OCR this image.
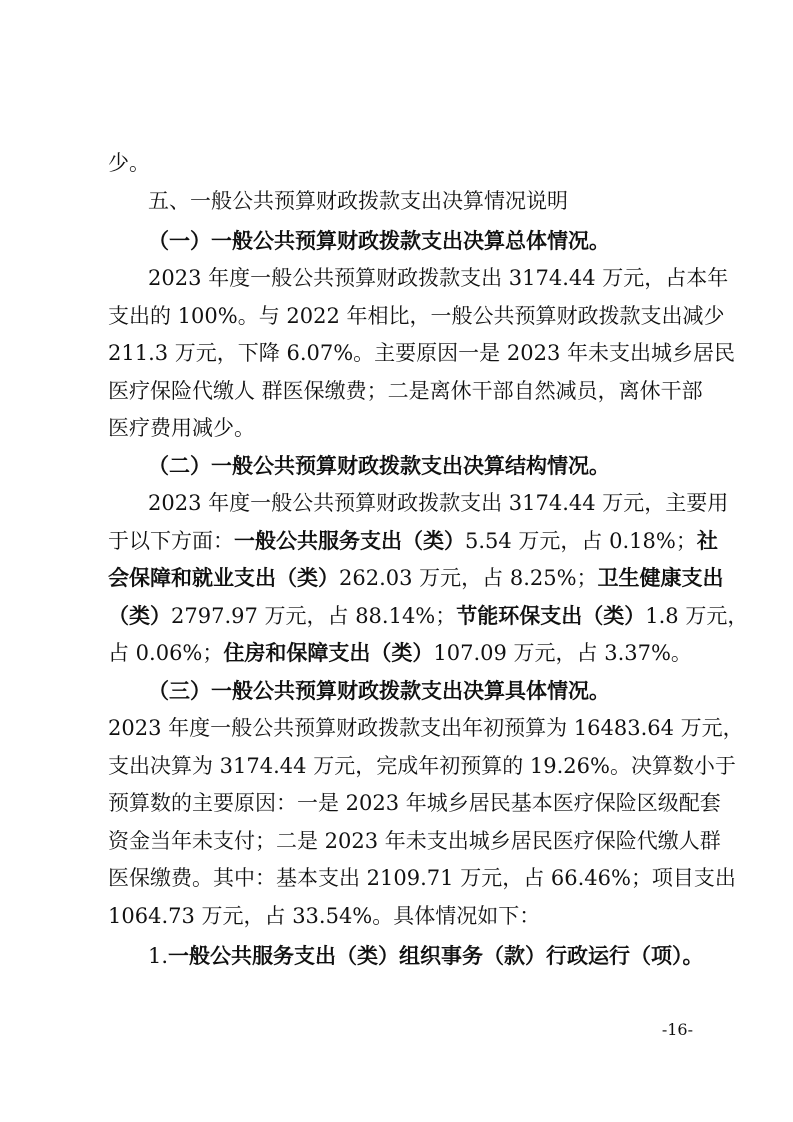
少。
五、一般公共预算财政拨款支出决算情况说明
（一）一般公共预算财政拨款支出决算总体情况。
2023 年度一般公共预算财政拨款支出 3174.44 万元，占本年
支出的 100%。与 2022 年相比，一般公共预算财政拨款支出减少
211.3 万元，下降 6.07%。主要原因一是 2023 年未支出城乡居民
医疗保险代缴人 群医保缴费；二是离休干部自然减员，离休干部
医疗费用减少。
（二）一般公共预算财政拨款支出决算结构情况。
2023 年度一般公共预算财政拨款支出 3174.44 万元，主要用
于以下方面：一般公共服务支出（类）5.54 万元，占 0.18%；社
会保障和就业支出（类）262.03 万元，占 8.25%；卫生健康支出
（类）2797.97 万元，占 88.14%；节能环保支出（类）1.8 万元，
占 0.06%；住房和保障支出（类）107.09 万元，占 3.37%。
（三）一般公共预算财政拨款支出决算具体情况。
2023 年度一般公共预算财政拨款支出年初预算为 16483.64 万元，
支出决算为 3174.44 万元，完成年初预算的 19.26%。决算数小于
预算数的主要原因：一是 2023 年城乡居民基本医疗保险区级配套
资金当年未支付；二是 2023 年未支出城乡居民医疗保险代缴人群
医保缴费。其中：基本支出 2109.71 万元，占 66.46%；项目支出
1064.73 万元，占 33.54%。具体情况如下：
1.一般公共服务支出（类）组织事务（款）行政运行（项）。
-16-
